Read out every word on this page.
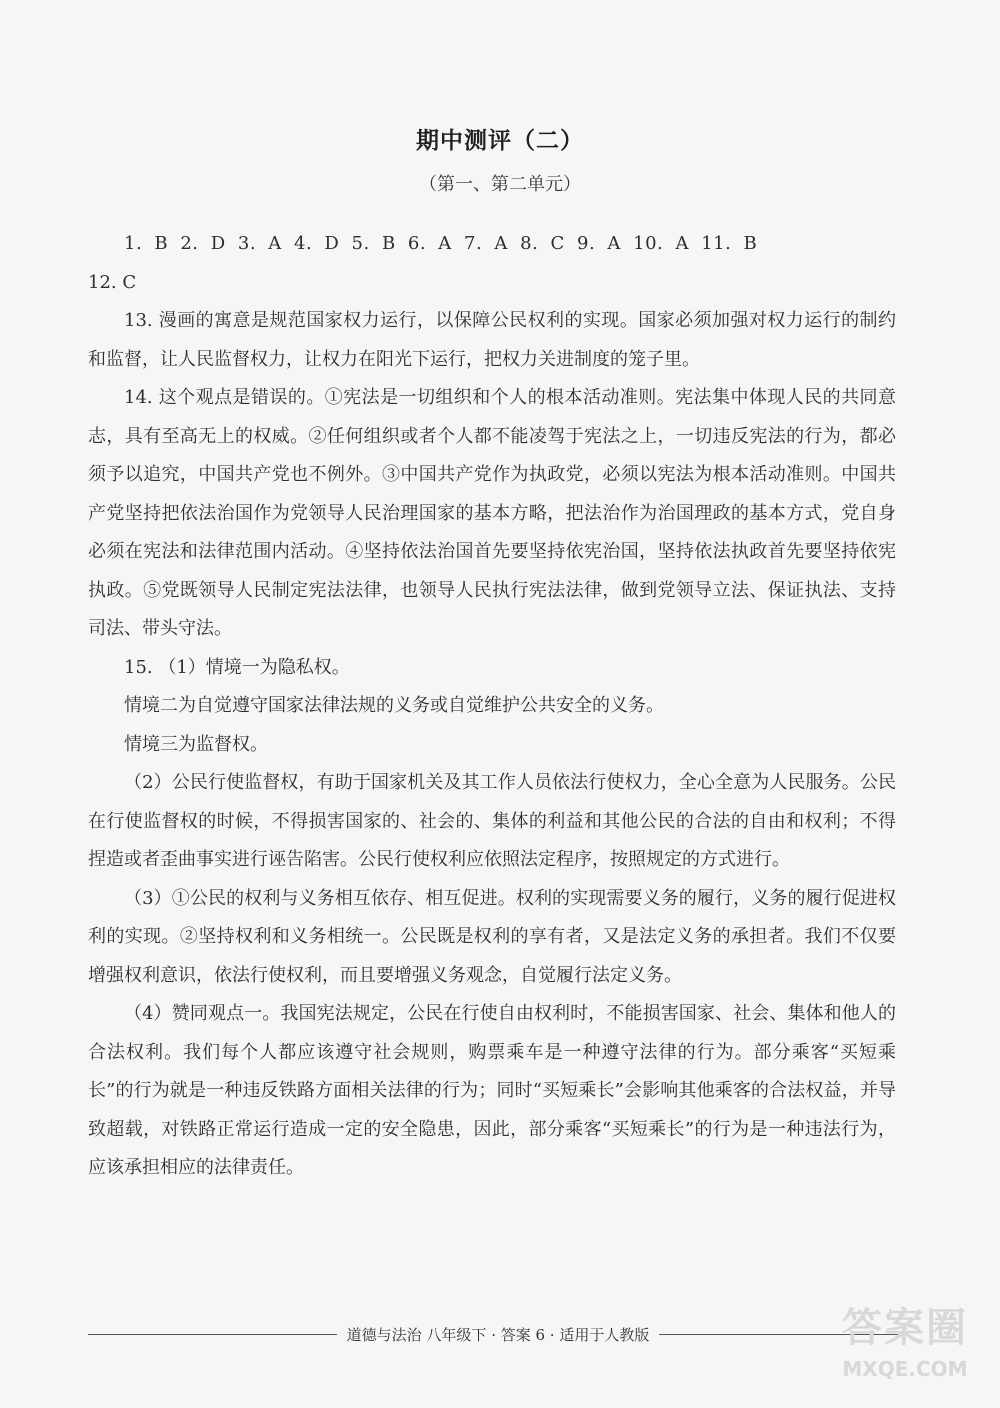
期中测评（二）
（第一、第二单元）

1. B 2. D 3. A 4. D 5. B 6. A 7. A 8. C 9. A 10. A 11. B

12. C

13. 漫画的寓意是规范国家权力运行，以保障公民权利的实现。国家必须加强对权力运行的制约和监督，让人民监督权力，让权力在阳光下运行，把权力关进制度的笼子里。

14. 这个观点是错误的。①宪法是一切组织和个人的根本活动准则。宪法集中体现人民的共同意志，具有至高无上的权威。②任何组织或者个人都不能凌驾于宪法之上，一切违反宪法的行为，都必须予以追究，中国共产党也不例外。③中国共产党作为执政党，必须以宪法为根本活动准则。中国共产党坚持把依法治国作为党领导人民治理国家的基本方略，把法治作为治国理政的基本方式，党自身必须在宪法和法律范围内活动。④坚持依法治国首先要坚持依宪治国，坚持依法执政首先要坚持依宪执政。⑤党既领导人民制定宪法法律，也领导人民执行宪法法律，做到党领导立法、保证执法、支持司法、带头守法。

15. （1）情境一为隐私权。

情境二为自觉遵守国家法律法规的义务或自觉维护公共安全的义务。

情境三为监督权。

（2）公民行使监督权，有助于国家机关及其工作人员依法行使权力，全心全意为人民服务。公民在行使监督权的时候，不得损害国家的、社会的、集体的利益和其他公民的合法的自由和权利；不得捏造或者歪曲事实进行诬告陷害。公民行使权利应依照法定程序，按照规定的方式进行。

（3）①公民的权利与义务相互依存、相互促进。权利的实现需要义务的履行，义务的履行促进权利的实现。②坚持权利和义务相统一。公民既是权利的享有者，又是法定义务的承担者。我们不仅要增强权利意识，依法行使权利，而且要增强义务观念，自觉履行法定义务。

（4）赞同观点一。我国宪法规定，公民在行使自由权利时，不能损害国家、社会、集体和他人的合法权利。我们每个人都应该遵守社会规则，购票乘车是一种遵守法律的行为。部分乘客“买短乘长”的行为就是一种违反铁路方面相关法律的行为；同时“买短乘长”会影响其他乘客的合法权益，并导致超载，对铁路正常运行造成一定的安全隐患，因此，部分乘客“买短乘长”的行为是一种违法行为，应该承担相应的法律责任。

道德与法治 八年级下 · 答案 6 · 适用于人教版	答案圈
MXQE.COM
